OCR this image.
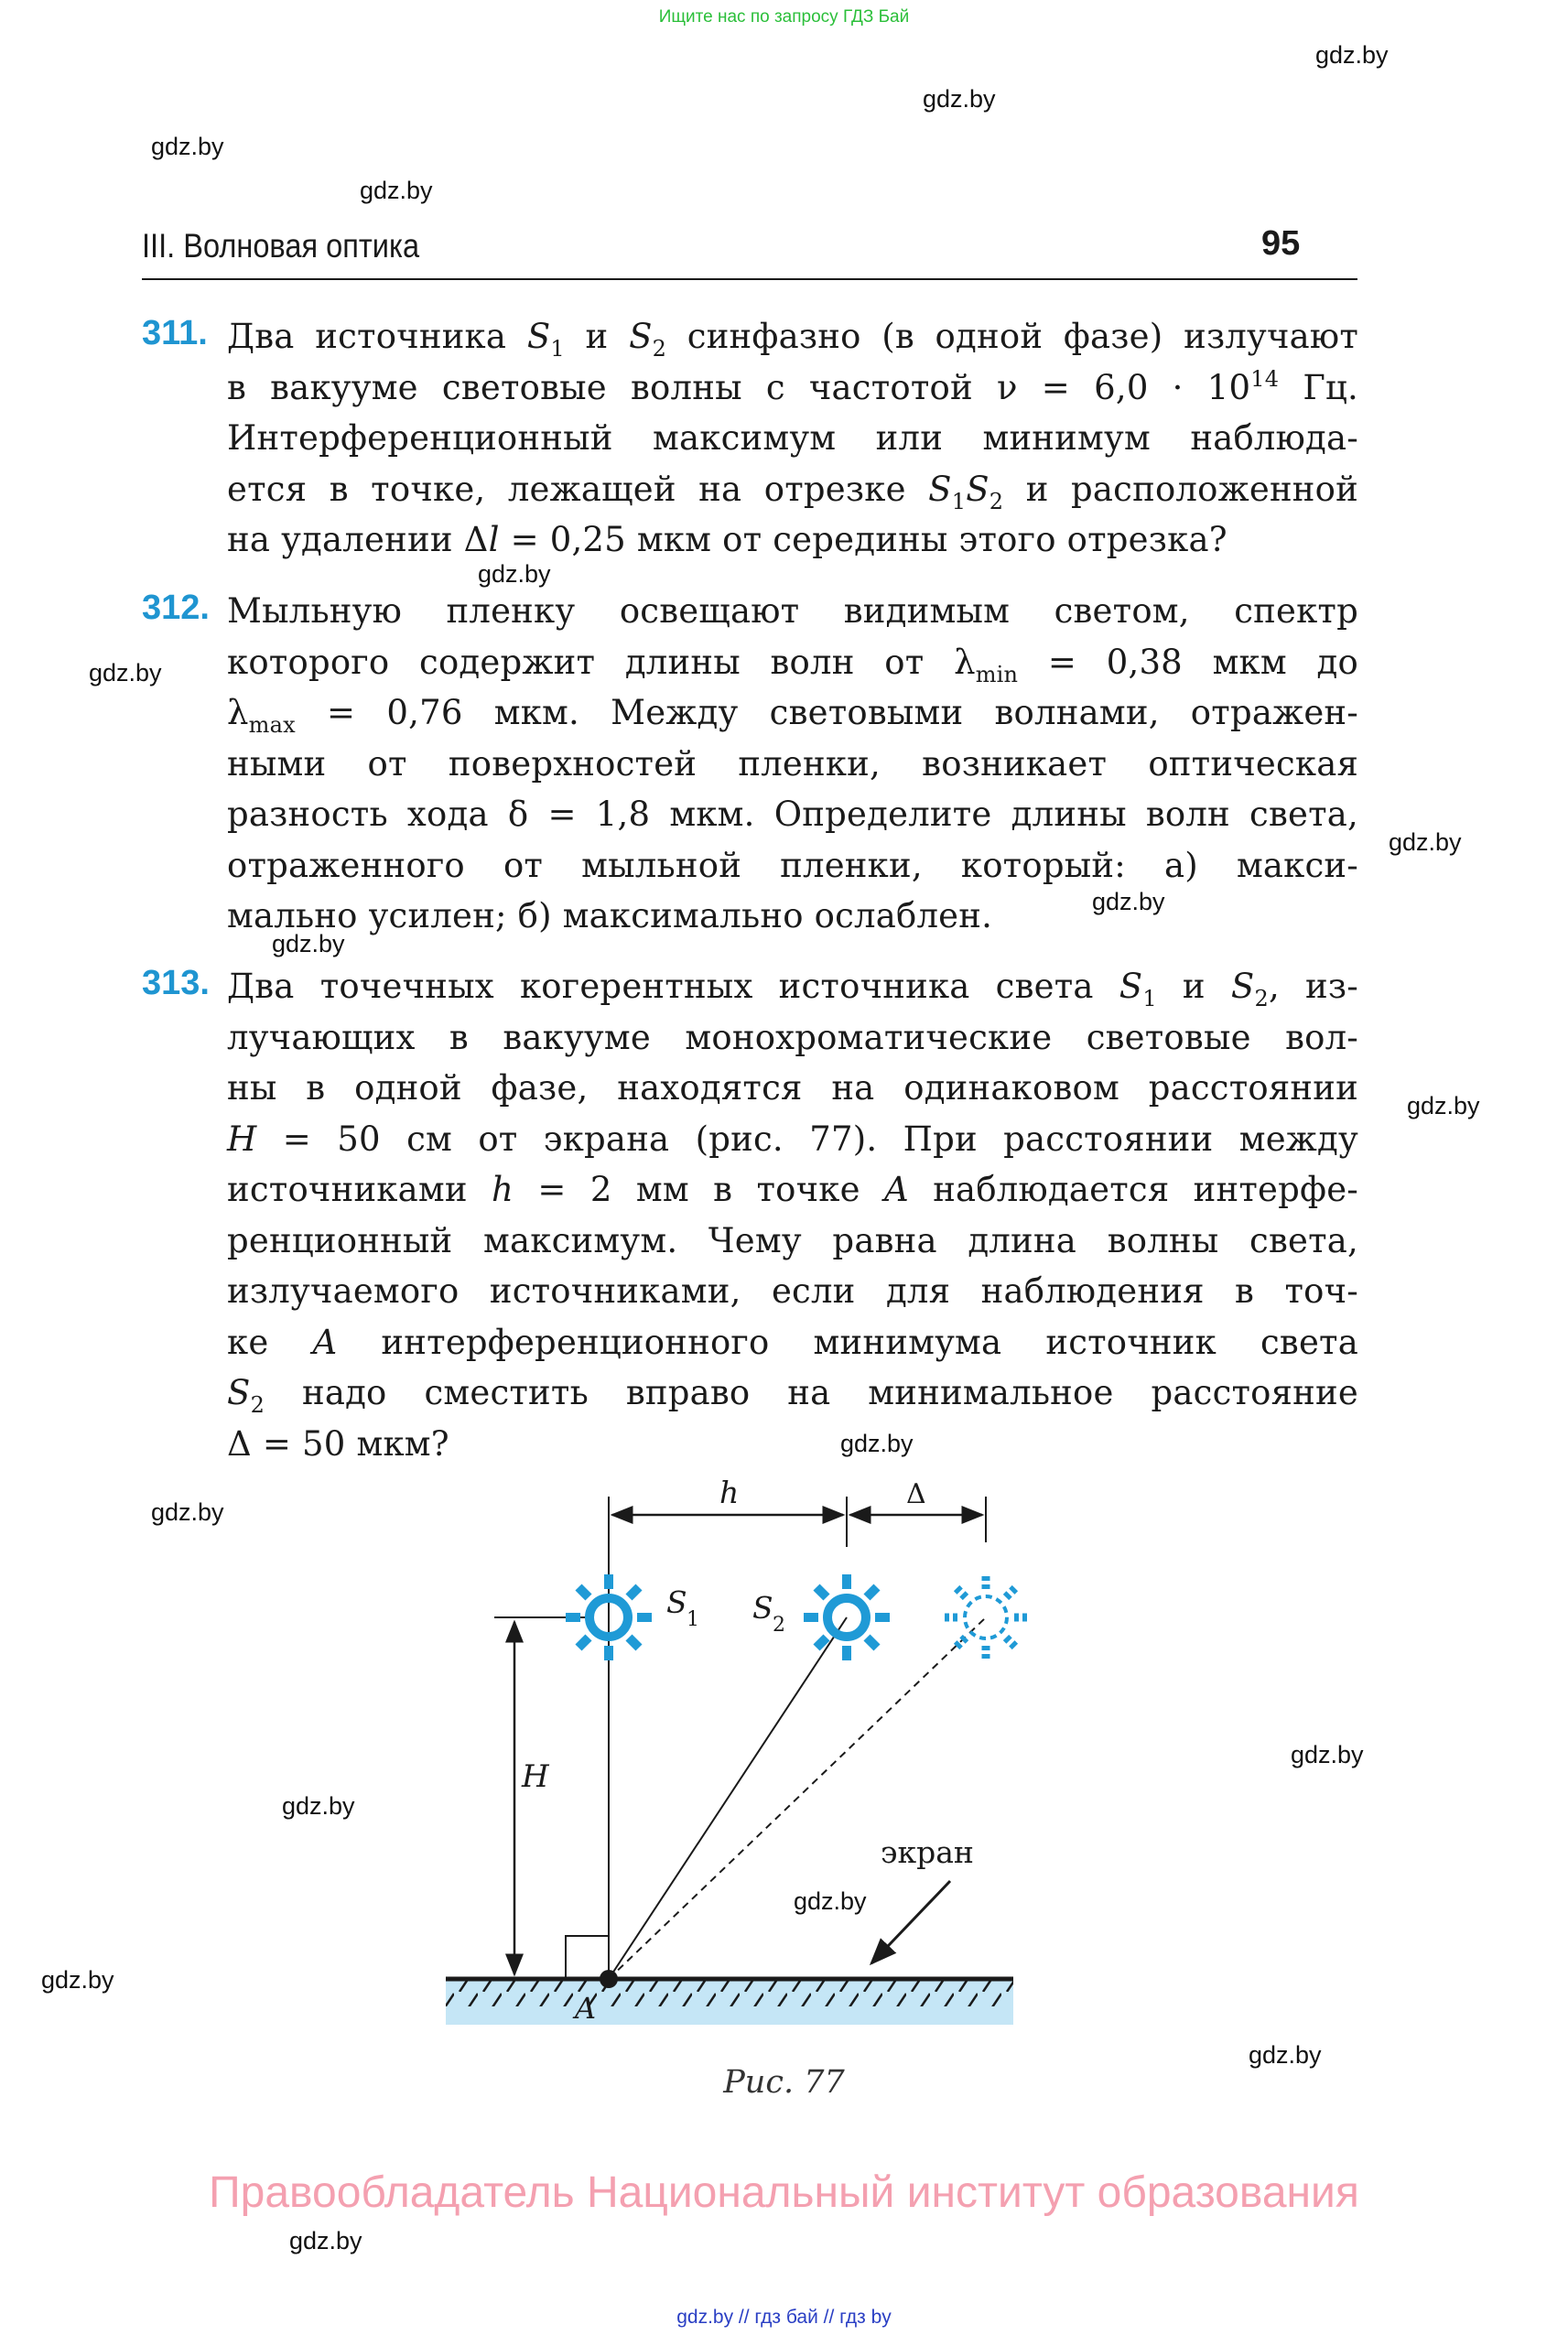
Ищите нас по запросу ГДЗ Бай
gdz.by
gdz.by
gdz.by
gdz.by
gdz.by
gdz.by
gdz.by
gdz.by
gdz.by
gdz.by
gdz.by
gdz.by
gdz.by
gdz.by
gdz.by
gdz.by
gdz.by
gdz.by
III. Волновая оптика	95
311. Два источника $S_1$ и $S_2$ синфазно (в одной фазе) излучают
в вакууме световые волны с частотой $\nu = 6,0 \cdot 10^{14}$ Гц.
Интерференционный максимум или минимум наблюда-
ется в точке, лежащей на отрезке $S_1S_2$ и расположенной
на удалении Δl = 0,25 мкм от середины этого отрезка?
312. Мыльную пленку освещают видимым светом, спектр
которого содержит длины волн от $\lambda_{min} = 0,38$ мкм до
$\lambda_{max} = 0,76$ мкм. Между световыми волнами, отражен-
ными от поверхностей пленки, возникает оптическая
разность хода δ = 1,8 мкм. Определите длины волн света,
отраженного от мыльной пленки, который: а) макси-
мально усилен; б) максимально ослаблен.
313. Два точечных когерентных источника света $S_1$ и $S_2$, из-
лучающих в вакууме монохроматические световые вол-
ны в одной фазе, находятся на одинаковом расстоянии
H = 50 см от экрана (рис. 77). При расстоянии между
источниками h = 2 мм в точке A наблюдается интерфе-
ренционный максимум. Чему равна длина волны света,
излучаемого источниками, если для наблюдения в точ-
ке A интерференционного минимума источник света
$S_2$ надо сместить вправо на минимальное расстояние
Δ = 50 мкм?
h	Δ
H
S 1 S 2
A
экран
Рис. 77
Правообладатель Национальный институт образования
gdz.by // гдз бай // гдз by
